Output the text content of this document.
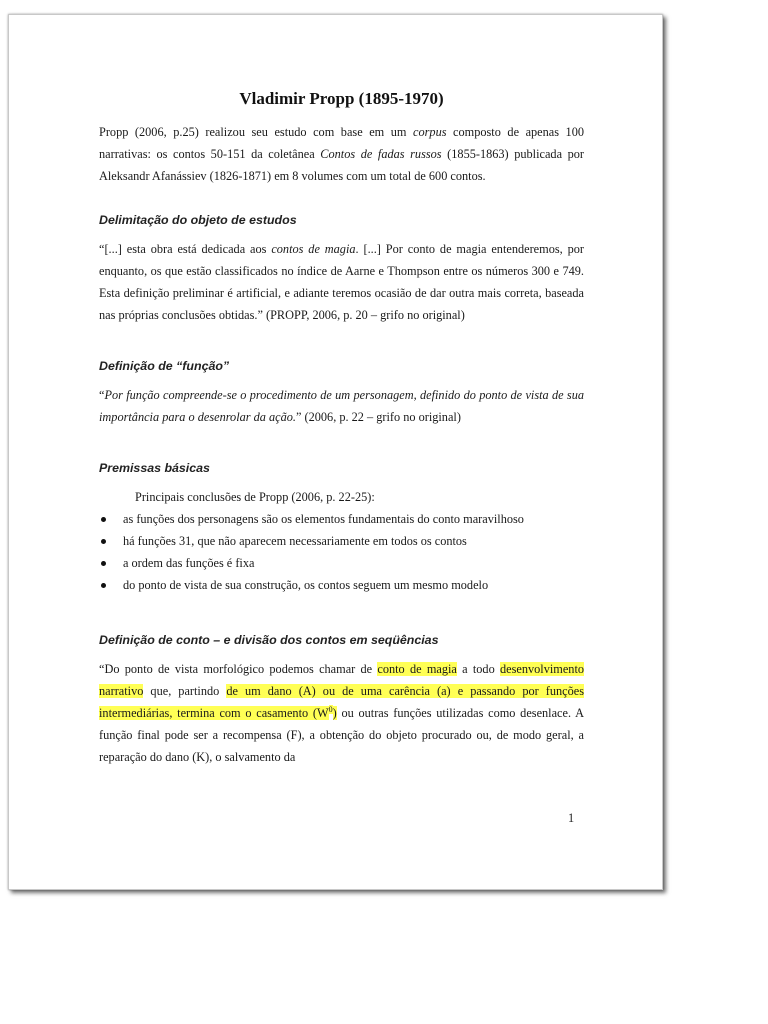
Vladimir Propp (1895-1970)

Propp (2006, p.25) realizou seu estudo com base em um corpus composto de apenas 100 narrativas: os contos 50-151 da coletânea Contos de fadas russos (1855-1863) publicada por Aleksandr Afanássiev (1826-1871) em 8 volumes com um total de 600 contos.

Delimitação do objeto de estudos

“[...] esta obra está dedicada aos contos de magia. [...] Por conto de magia entenderemos, por enquanto, os que estão classificados no índice de Aarne e Thompson entre os números 300 e 749. Esta definição preliminar é artificial, e adiante teremos ocasião de dar outra mais correta, baseada nas próprias conclusões obtidas.” (PROPP, 2006, p. 20 – grifo no original)

Definição de “função”

“Por função compreende-se o procedimento de um personagem, definido do ponto de vista de sua importância para o desenrolar da ação.” (2006, p. 22 – grifo no original)

Premissas básicas
Principais conclusões de Propp (2006, p. 22-25):
as funções dos personagens são os elementos fundamentais do conto maravilhoso
há funções 31, que não aparecem necessariamente em todos os contos
a ordem das funções é fixa
do ponto de vista de sua construção, os contos seguem um mesmo modelo
Definição de conto – e divisão dos contos em seqüências

“Do ponto de vista morfológico podemos chamar de conto de magia a todo desenvolvimento narrativo que, partindo de um dano (A) ou de uma carência (a) e passando por funções intermediárias, termina com o casamento $(W^0)$ ou outras funções utilizadas como desenlace. A função final pode ser a recompensa (F), a obtenção do objeto procurado ou, de modo geral, a reparação do dano (K), o salvamento da

1
